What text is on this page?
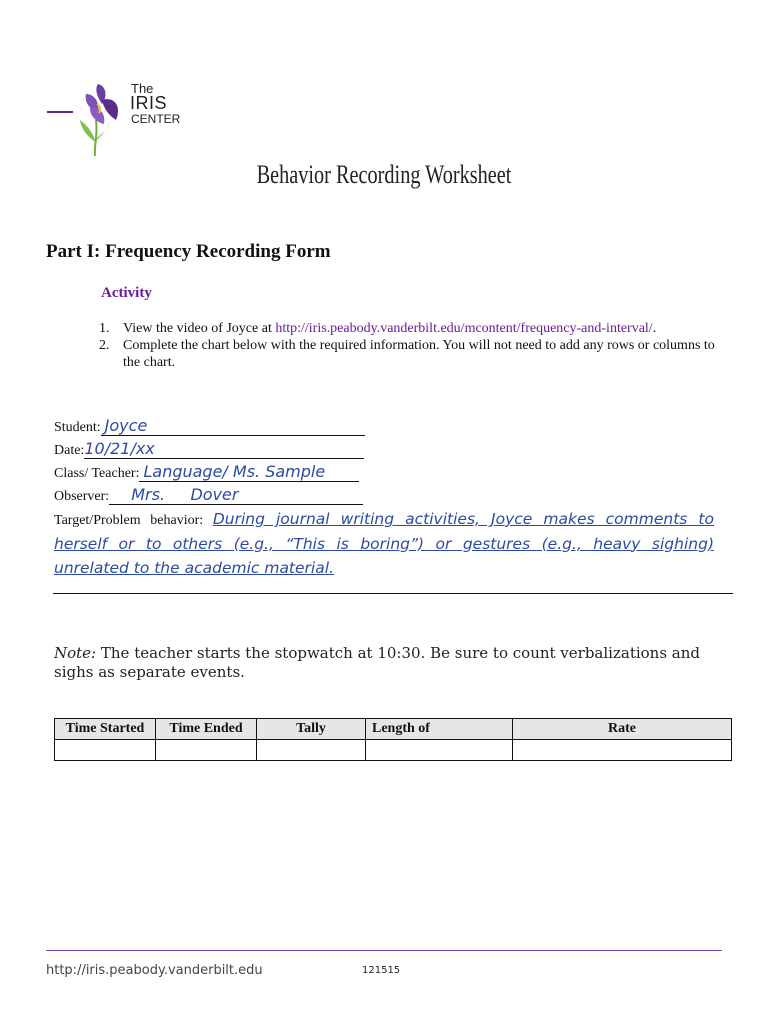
The
IRIS
CENTER
Behavior Recording Worksheet
Part I: Frequency Recording Form
Activity
1. View the video of Joyce at http://iris.peabody.vanderbilt.edu/mcontent/frequency-and-interval/.
2. Complete the chart below with the required information. You will not need to add any rows or columns to the chart.
Student: Joyce
Date: 10/21/xx
Class/ Teacher: Language/ Ms. Sample
Observer:	Mrs.     Dover
Target/Problem behavior: During journal writing activities, Joyce makes comments to herself or to others (e.g., “This is boring”) or gestures (e.g., heavy sighing) unrelated to the academic material.
Note: The teacher starts the stopwatch at 10:30. Be sure to count verbalizations and sighs as separate events.
Time Started	Time Ended	Tally	Length of	Rate

http://iris.peabody.vanderbilt.edu	121515
